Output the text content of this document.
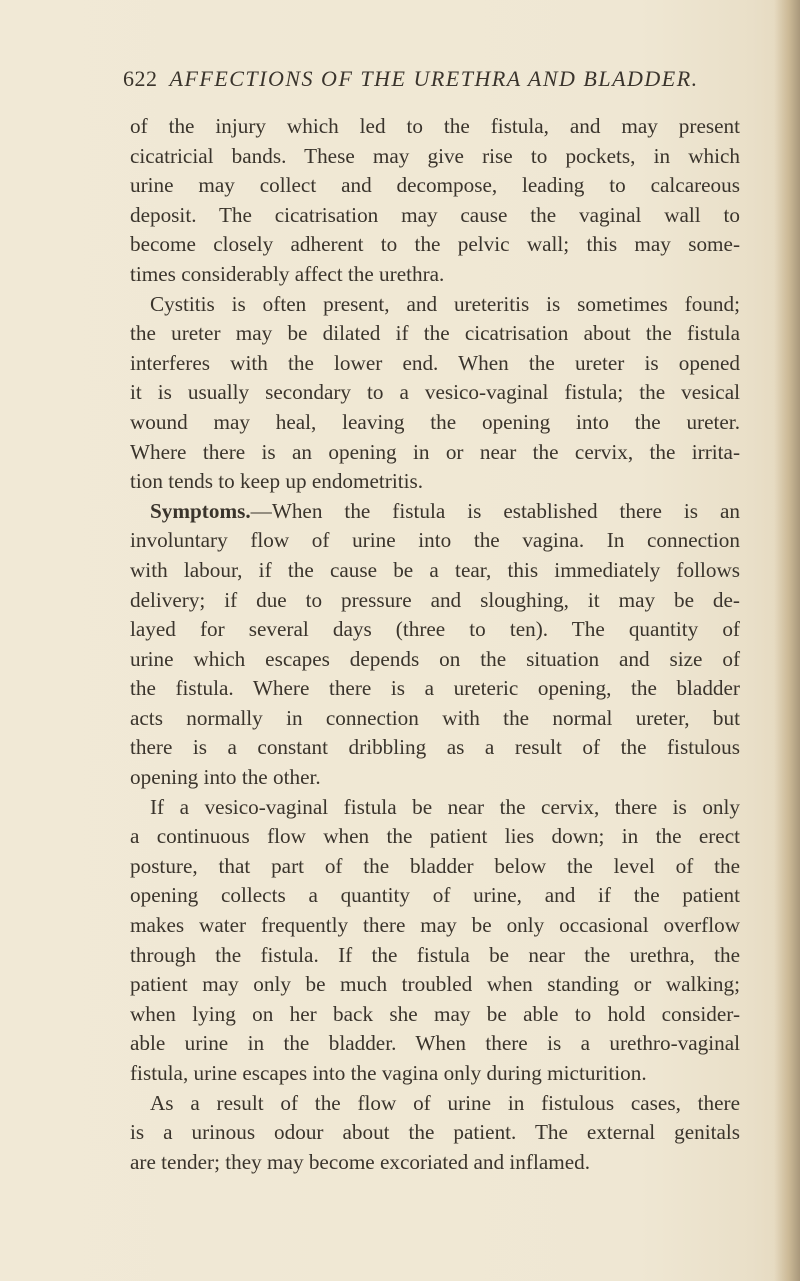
622 AFFECTIONS OF THE URETHRA AND BLADDER.
of the injury which led to the fistula, and may present
cicatricial bands. These may give rise to pockets, in which
urine may collect and decompose, leading to calcareous
deposit. The cicatrisation may cause the vaginal wall to
become closely adherent to the pelvic wall; this may some-
times considerably affect the urethra.
Cystitis is often present, and ureteritis is sometimes found;
the ureter may be dilated if the cicatrisation about the fistula
interferes with the lower end. When the ureter is opened
it is usually secondary to a vesico-vaginal fistula; the vesical
wound may heal, leaving the opening into the ureter.
Where there is an opening in or near the cervix, the irrita-
tion tends to keep up endometritis.
Symptoms.—When the fistula is established there is an
involuntary flow of urine into the vagina. In connection
with labour, if the cause be a tear, this immediately follows
delivery; if due to pressure and sloughing, it may be de-
layed for several days (three to ten). The quantity of
urine which escapes depends on the situation and size of
the fistula. Where there is a ureteric opening, the bladder
acts normally in connection with the normal ureter, but
there is a constant dribbling as a result of the fistulous
opening into the other.
If a vesico-vaginal fistula be near the cervix, there is only
a continuous flow when the patient lies down; in the erect
posture, that part of the bladder below the level of the
opening collects a quantity of urine, and if the patient
makes water frequently there may be only occasional overflow
through the fistula. If the fistula be near the urethra, the
patient may only be much troubled when standing or walking;
when lying on her back she may be able to hold consider-
able urine in the bladder. When there is a urethro-vaginal
fistula, urine escapes into the vagina only during micturition.
As a result of the flow of urine in fistulous cases, there
is a urinous odour about the patient. The external genitals
are tender; they may become excoriated and inflamed.
